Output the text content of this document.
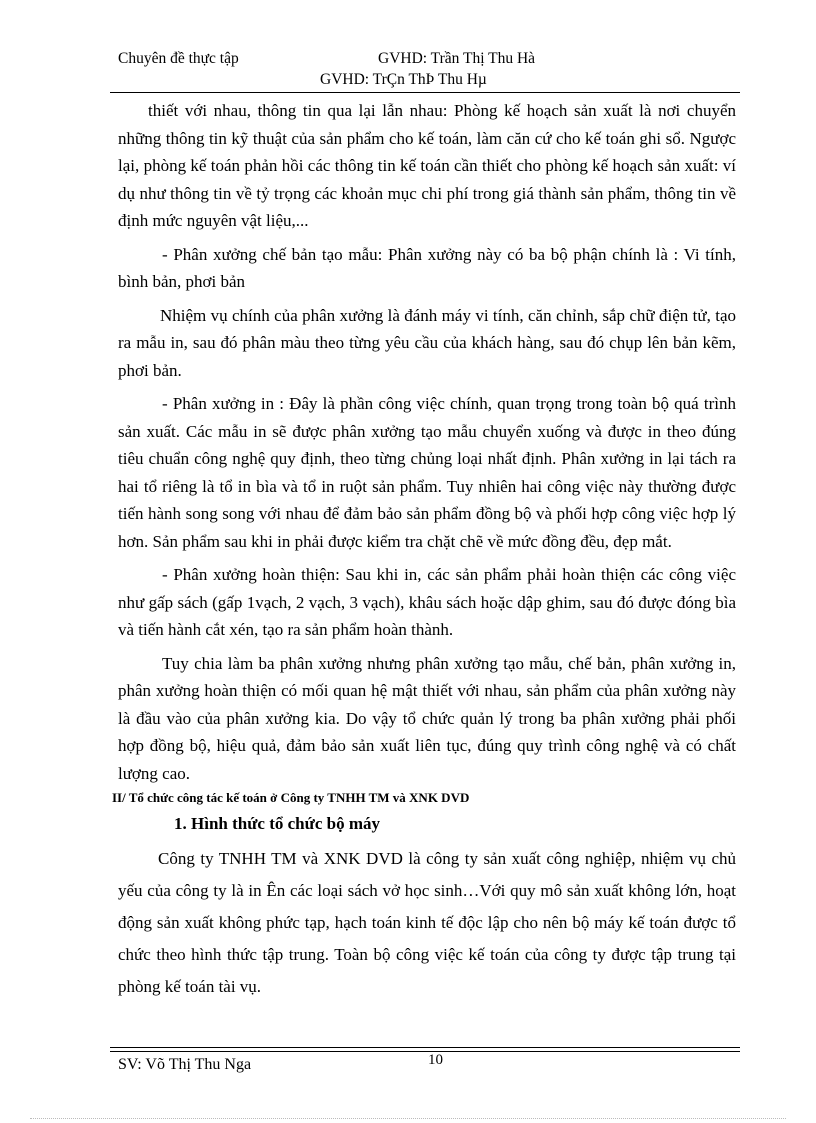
Chuyên đề thực tập	GVHD: Trần Thị Thu Hà
GVHD: TrÇn ThÞ Thu Hµ

thiết với nhau, thông tin qua lại lẫn nhau: Phòng kế hoạch sản xuất là nơi chuyển những thông tin kỹ thuật của sản phẩm cho kế toán, làm căn cứ cho kế toán ghi sổ. Ngược lại, phòng kế toán phản hồi các thông tin kế toán cần thiết cho phòng kế hoạch sản xuất: ví dụ như thông tin về tỷ trọng các khoản mục chi phí trong giá thành sản phẩm, thông tin về định mức nguyên vật liệu,...

- Phân xưởng chế bản tạo mẫu: Phân xưởng này có ba bộ phận chính là : Vi tính, bình bản, phơi bản

Nhiệm vụ chính của phân xưởng là đánh máy vi tính, căn chỉnh, sắp chữ điện tử, tạo ra mẫu in, sau đó phân màu theo từng yêu cầu của khách hàng, sau đó chụp lên bản kẽm, phơi bản.

- Phân xưởng in : Đây là phần công việc chính, quan trọng trong toàn bộ quá trình sản xuất. Các mẫu in sẽ được phân xưởng tạo mẫu chuyển xuống và được in theo đúng tiêu chuẩn công nghệ quy định, theo từng chủng loại nhất định. Phân xưởng in lại tách ra hai tổ riêng là tổ in bìa và tổ in ruột sản phẩm. Tuy nhiên hai công việc này thường được tiến hành song song với nhau để đảm bảo sản phẩm đồng bộ và phối hợp công việc hợp lý hơn. Sản phẩm sau khi in phải được kiểm tra chặt chẽ về mức đồng đều, đẹp mắt.

- Phân xưởng hoàn thiện: Sau khi in, các sản phẩm phải hoàn thiện các công việc như gấp sách (gấp 1vạch, 2 vạch, 3 vạch), khâu sách hoặc dập ghim, sau đó được đóng bìa và tiến hành cắt xén, tạo ra sản phẩm hoàn thành.

Tuy chia làm ba phân xưởng nhưng phân xưởng tạo mẫu, chế bản, phân xưởng in, phân xưởng hoàn thiện có mối quan hệ mật thiết với nhau, sản phẩm của phân xưởng này là đầu vào của phân xưởng kia. Do vậy tổ chức quản lý trong ba phân xưởng phải phối hợp đồng bộ, hiệu quả, đảm bảo sản xuất liên tục, đúng quy trình công nghệ và có chất lượng cao.

II/ Tổ chức công tác kế toán ở Công ty TNHH TM và XNK DVD

1. Hình thức tổ chức bộ máy

Công ty TNHH TM và XNK DVD là công ty sản xuất công nghiệp, nhiệm vụ chủ yếu của công ty là in Ên các loại sách vở học sinh…Với quy mô sản xuất không lớn, hoạt động sản xuất không phức tạp, hạch toán kinh tế độc lập cho nên bộ máy kế toán được tổ chức theo hình thức tập trung. Toàn bộ công việc kế toán của công ty được tập trung tại phòng kế toán tài vụ.

SV: Võ Thị Thu Nga	10
